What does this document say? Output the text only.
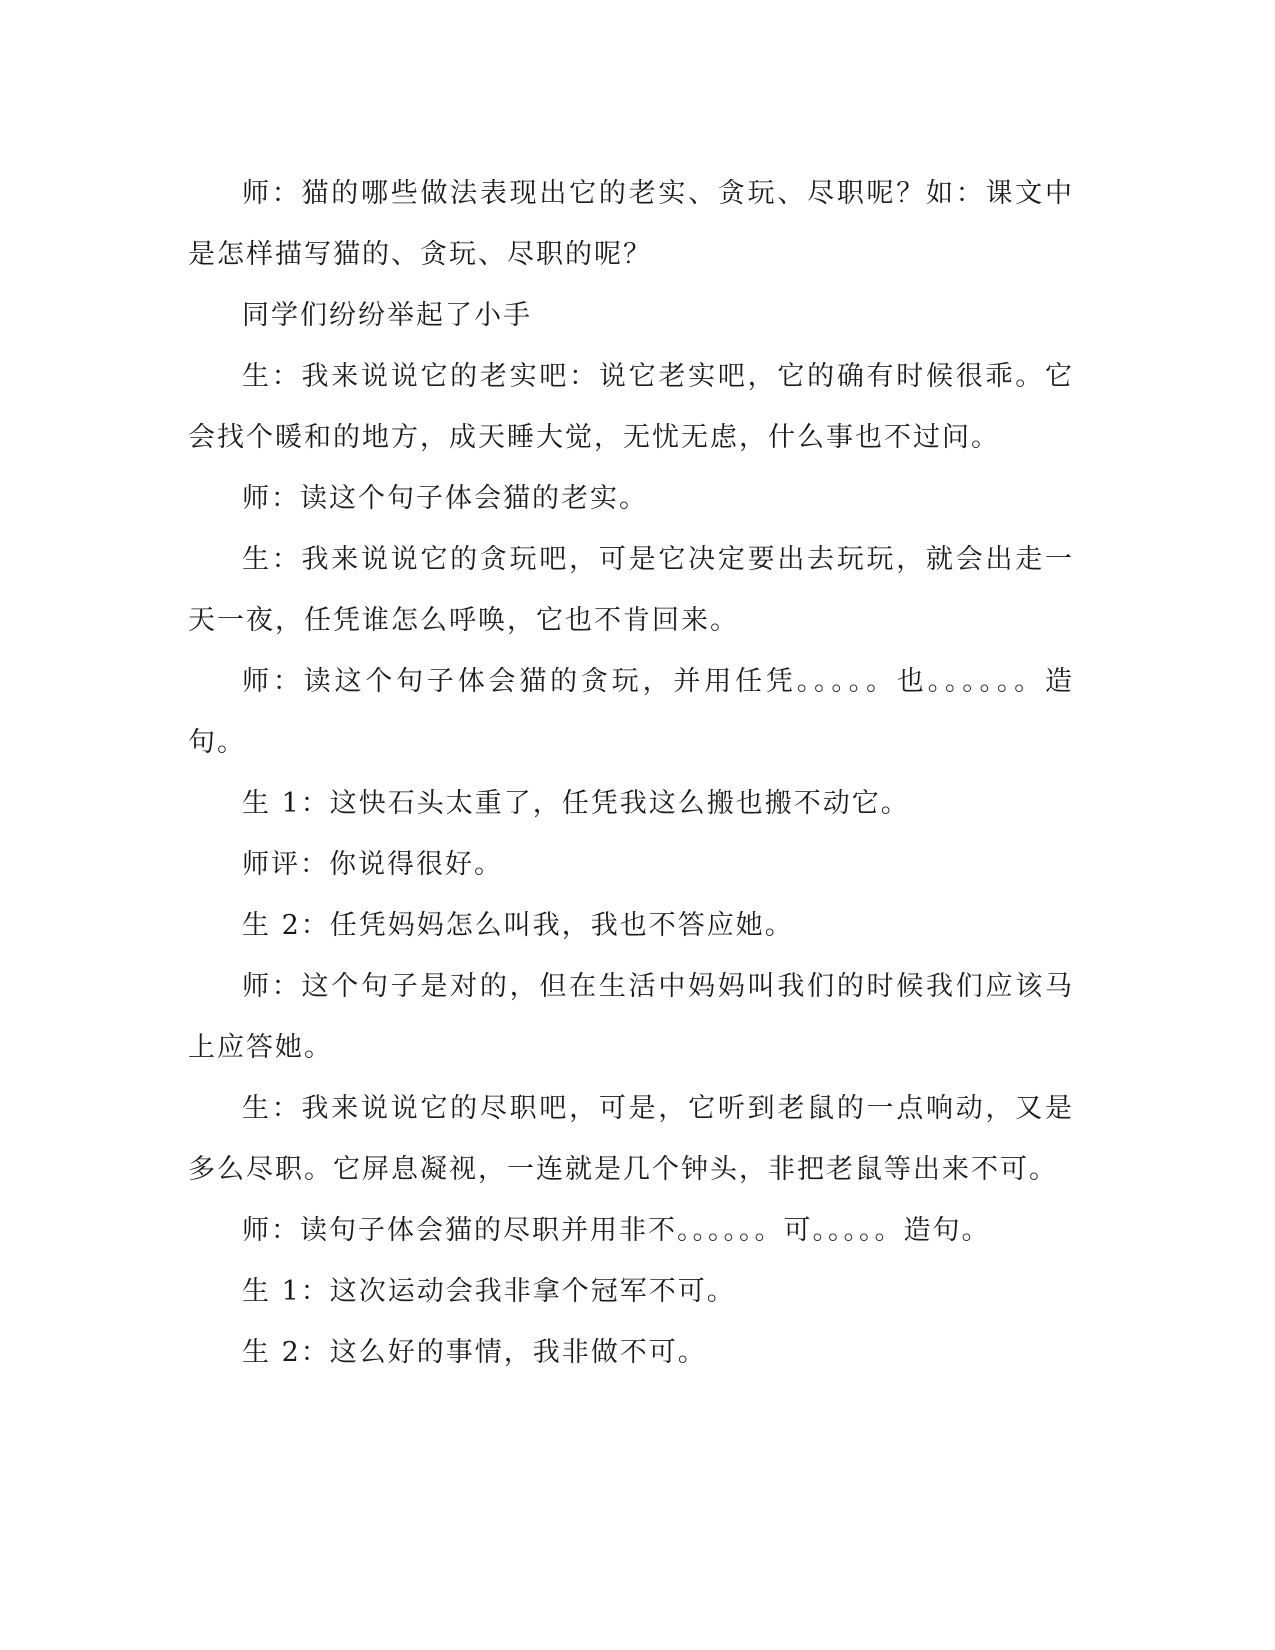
师：猫的哪些做法表现出它的老实、贪玩、尽职呢？如：课文中是怎样描写猫的、贪玩、尽职的呢？

同学们纷纷举起了小手

生：我来说说它的老实吧：说它老实吧，它的确有时候很乖。它会找个暖和的地方，成天睡大觉，无忧无虑，什么事也不过问。

师：读这个句子体会猫的老实。

生：我来说说它的贪玩吧，可是它决定要出去玩玩，就会出走一天一夜，任凭谁怎么呼唤，它也不肯回来。

师：读这个句子体会猫的贪玩，并用任凭。。。。。也。。。。。。造句。

生 1：这快石头太重了，任凭我这么搬也搬不动它。

师评：你说得很好。

生 2：任凭妈妈怎么叫我，我也不答应她。

师：这个句子是对的，但在生活中妈妈叫我们的时候我们应该马上应答她。

生：我来说说它的尽职吧，可是，它听到老鼠的一点响动，又是多么尽职。它屏息凝视，一连就是几个钟头，非把老鼠等出来不可。

师：读句子体会猫的尽职并用非不。。。。。。可。。。。。造句。

生 1：这次运动会我非拿个冠军不可。

生 2：这么好的事情，我非做不可。
